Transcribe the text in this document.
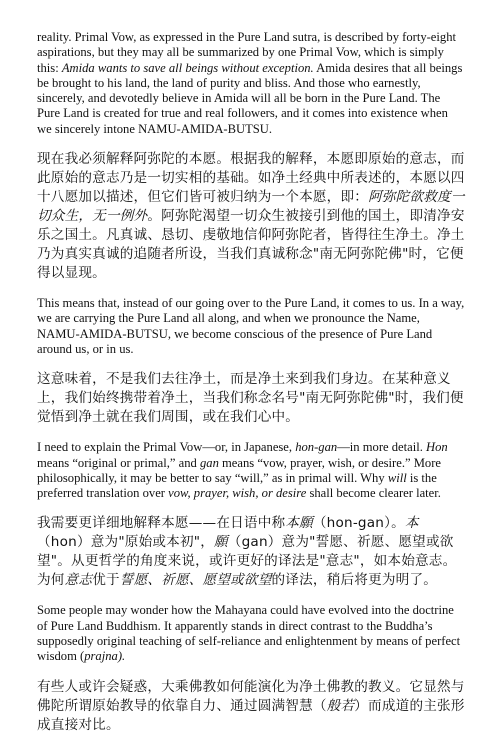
reality. Primal Vow, as expressed in the Pure Land sutra, is described by forty-eight aspirations, but they may all be summarized by one Primal Vow, which is simply this: Amida wants to save all beings without exception. Amida desires that all beings be brought to his land, the land of purity and bliss. And those who earnestly, sincerely, and devotedly believe in Amida will all be born in the Pure Land. The Pure Land is created for true and real followers, and it comes into existence when we sincerely intone NAMU-AMIDA-BUTSU.

现在我必须解释阿弥陀的本愿。根据我的解释，本愿即原始的意志，而此原始的意志乃是一切实相的基础。如净土经典中所表述的，本愿以四十八愿加以描述，但它们皆可被归纳为一个本愿，即：阿弥陀欲救度一切众生，无一例外。阿弥陀渴望一切众生被接引到他的国土，即清净安乐之国土。凡真诚、恳切、虔敬地信仰阿弥陀者，皆得往生净土。净土乃为真实真诚的追随者所设，当我们真诚称念"南无阿弥陀佛"时，它便得以显现。

This means that, instead of our going over to the Pure Land, it comes to us. In a way, we are carrying the Pure Land all along, and when we pronounce the Name, NAMU-AMIDA-BUTSU, we become conscious of the presence of Pure Land around us, or in us.

这意味着，不是我们去往净土，而是净土来到我们身边。在某种意义上，我们始终携带着净土，当我们称念名号"南无阿弥陀佛"时，我们便觉悟到净土就在我们周围，或在我们心中。

I need to explain the Primal Vow—or, in Japanese, hon-gan—in more detail. Hon means “original or primal,” and gan means “vow, prayer, wish, or desire.” More philosophically, it may be better to say “will,” as in primal will. Why will is the preferred translation over vow, prayer, wish, or desire shall become clearer later.

我需要更详细地解释本愿——在日语中称本願（hon-gan）。本（hon）意为"原始或本初"，願（gan）意为"誓愿、祈愿、愿望或欲望"。从更哲学的角度来说，或许更好的译法是"意志"，如本始意志。为何意志优于誓愿、祈愿、愿望或欲望的译法，稍后将更为明了。

Some people may wonder how the Mahayana could have evolved into the doctrine of Pure Land Buddhism. It apparently stands in direct contrast to the Buddha’s supposedly original teaching of self-reliance and enlightenment by means of perfect wisdom (prajna).

有些人或许会疑惑，大乘佛教如何能演化为净土佛教的教义。它显然与佛陀所谓原始教导的依靠自力、通过圆满智慧（般若）而成道的主张形成直接对比。
